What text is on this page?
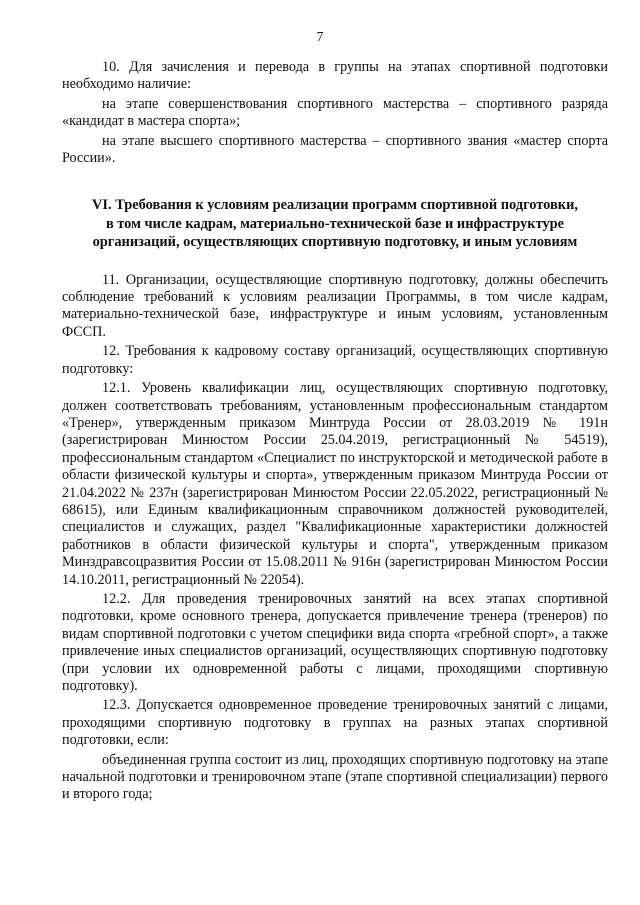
7

10. Для зачисления и перевода в группы на этапах спортивной подготовки необходимо наличие:

на этапе совершенствования спортивного мастерства – спортивного разряда «кандидат в мастера спорта»;

на этапе высшего спортивного мастерства – спортивного звания «мастер спорта России».

VI. Требования к условиям реализации программ спортивной подготовки,
в том числе кадрам, материально-технической базе и инфраструктуре
организаций, осуществляющих спортивную подготовку, и иным условиям

11. Организации, осуществляющие спортивную подготовку, должны обеспечить соблюдение требований к условиям реализации Программы, в том числе кадрам, материально-технической базе, инфраструктуре и иным условиям, установленным ФССП.

12. Требования к кадровому составу организаций, осуществляющих спортивную подготовку:

12.1. Уровень квалификации лиц, осуществляющих спортивную подготовку, должен соответствовать требованиям, установленным профессиональным стандартом «Тренер», утвержденным приказом Минтруда России от 28.03.2019 № 191н (зарегистрирован Минюстом России 25.04.2019, регистрационный № 54519), профессиональным стандартом «Специалист по инструкторской и методической работе в области физической культуры и спорта», утвержденным приказом Минтруда России от 21.04.2022 № 237н (зарегистрирован Минюстом России 22.05.2022, регистрационный № 68615), или Единым квалификационным справочником должностей руководителей, специалистов и служащих, раздел "Квалификационные характеристики должностей работников в области физической культуры и спорта", утвержденным приказом Минздравсоцразвития России от 15.08.2011 № 916н (зарегистрирован Минюстом России 14.10.2011, регистрационный № 22054).

12.2. Для проведения тренировочных занятий на всех этапах спортивной подготовки, кроме основного тренера, допускается привлечение тренера (тренеров) по видам спортивной подготовки с учетом специфики вида спорта «гребной спорт», а также привлечение иных специалистов организаций, осуществляющих спортивную подготовку (при условии их одновременной работы с лицами, проходящими спортивную подготовку).

12.3. Допускается одновременное проведение тренировочных занятий с лицами, проходящими спортивную подготовку в группах на разных этапах спортивной подготовки, если:

объединенная группа состоит из лиц, проходящих спортивную подготовку на этапе начальной подготовки и тренировочном этапе (этапе спортивной специализации) первого и второго года;
